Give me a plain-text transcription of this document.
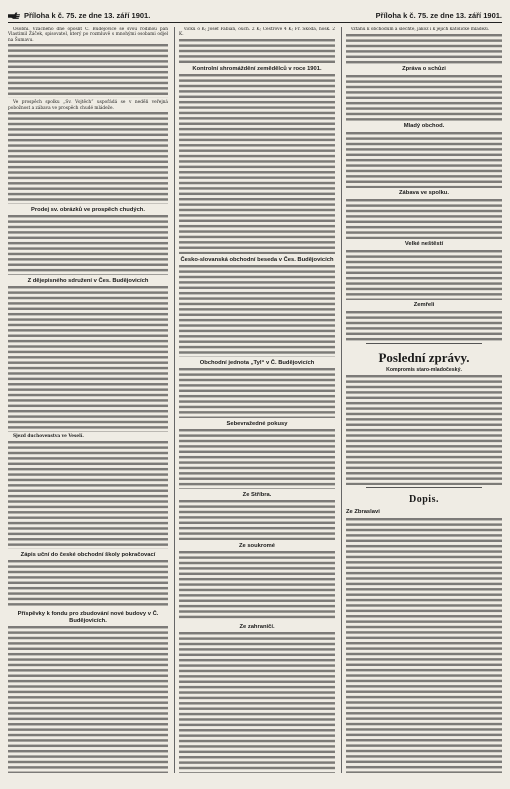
Příloha k č. 75. ze dne 13. září 1901.	Příloha k č. 75. ze dne 13. září 1901.

Osobní. Vzácného dne oposlit C. Budějovice se svou rodinou pan Vlastimil Žáček, spisovatel, který po rozmluvě s mnohými osobami odjel na Šumavu.

Ve prospěch spolku „Sv. Vojtěch“ uspořádá se v neděli veřejná pobožnost a zábava ve prospěch chudé mládeže.

Prodej sv. obrázků ve prospěch chudých.
Z dějepisného sdružení v Čes. Budějovicích

Sjezd duchovenstva ve Veselí.

Zápis uční do české obchodní školy pokračovací
Příspěvky k fondu pro zbudování nové budovy v Č. Budějovicích.

vicků o K; Josef Fabian, ouch. 2 K; Cestrové 4 K; Fr. Škoda, hosk. 2 K.

Kontrolní shromáždění zemědělců v roce 1901.
Česko-slovanská obchodní beseda v Čes. Budějovicích
Obchodní jednota „Tyl“ v Č. Budějovicích
Sebevražedné pokusy
Ze Stříbra.
Ze soukromé
Ze zahraničí.

vztahu k obchodům a šlechtě, jakož i k jejich katolické mládeži.

Zpráva o schůzi
Mladý obchod.
Zábava ve spolku.
Velké neštěstí
Zemřeli
Poslední zprávy.
Kompromis staro-mladočeský.
Dopis.
Ze Zbraslavi
